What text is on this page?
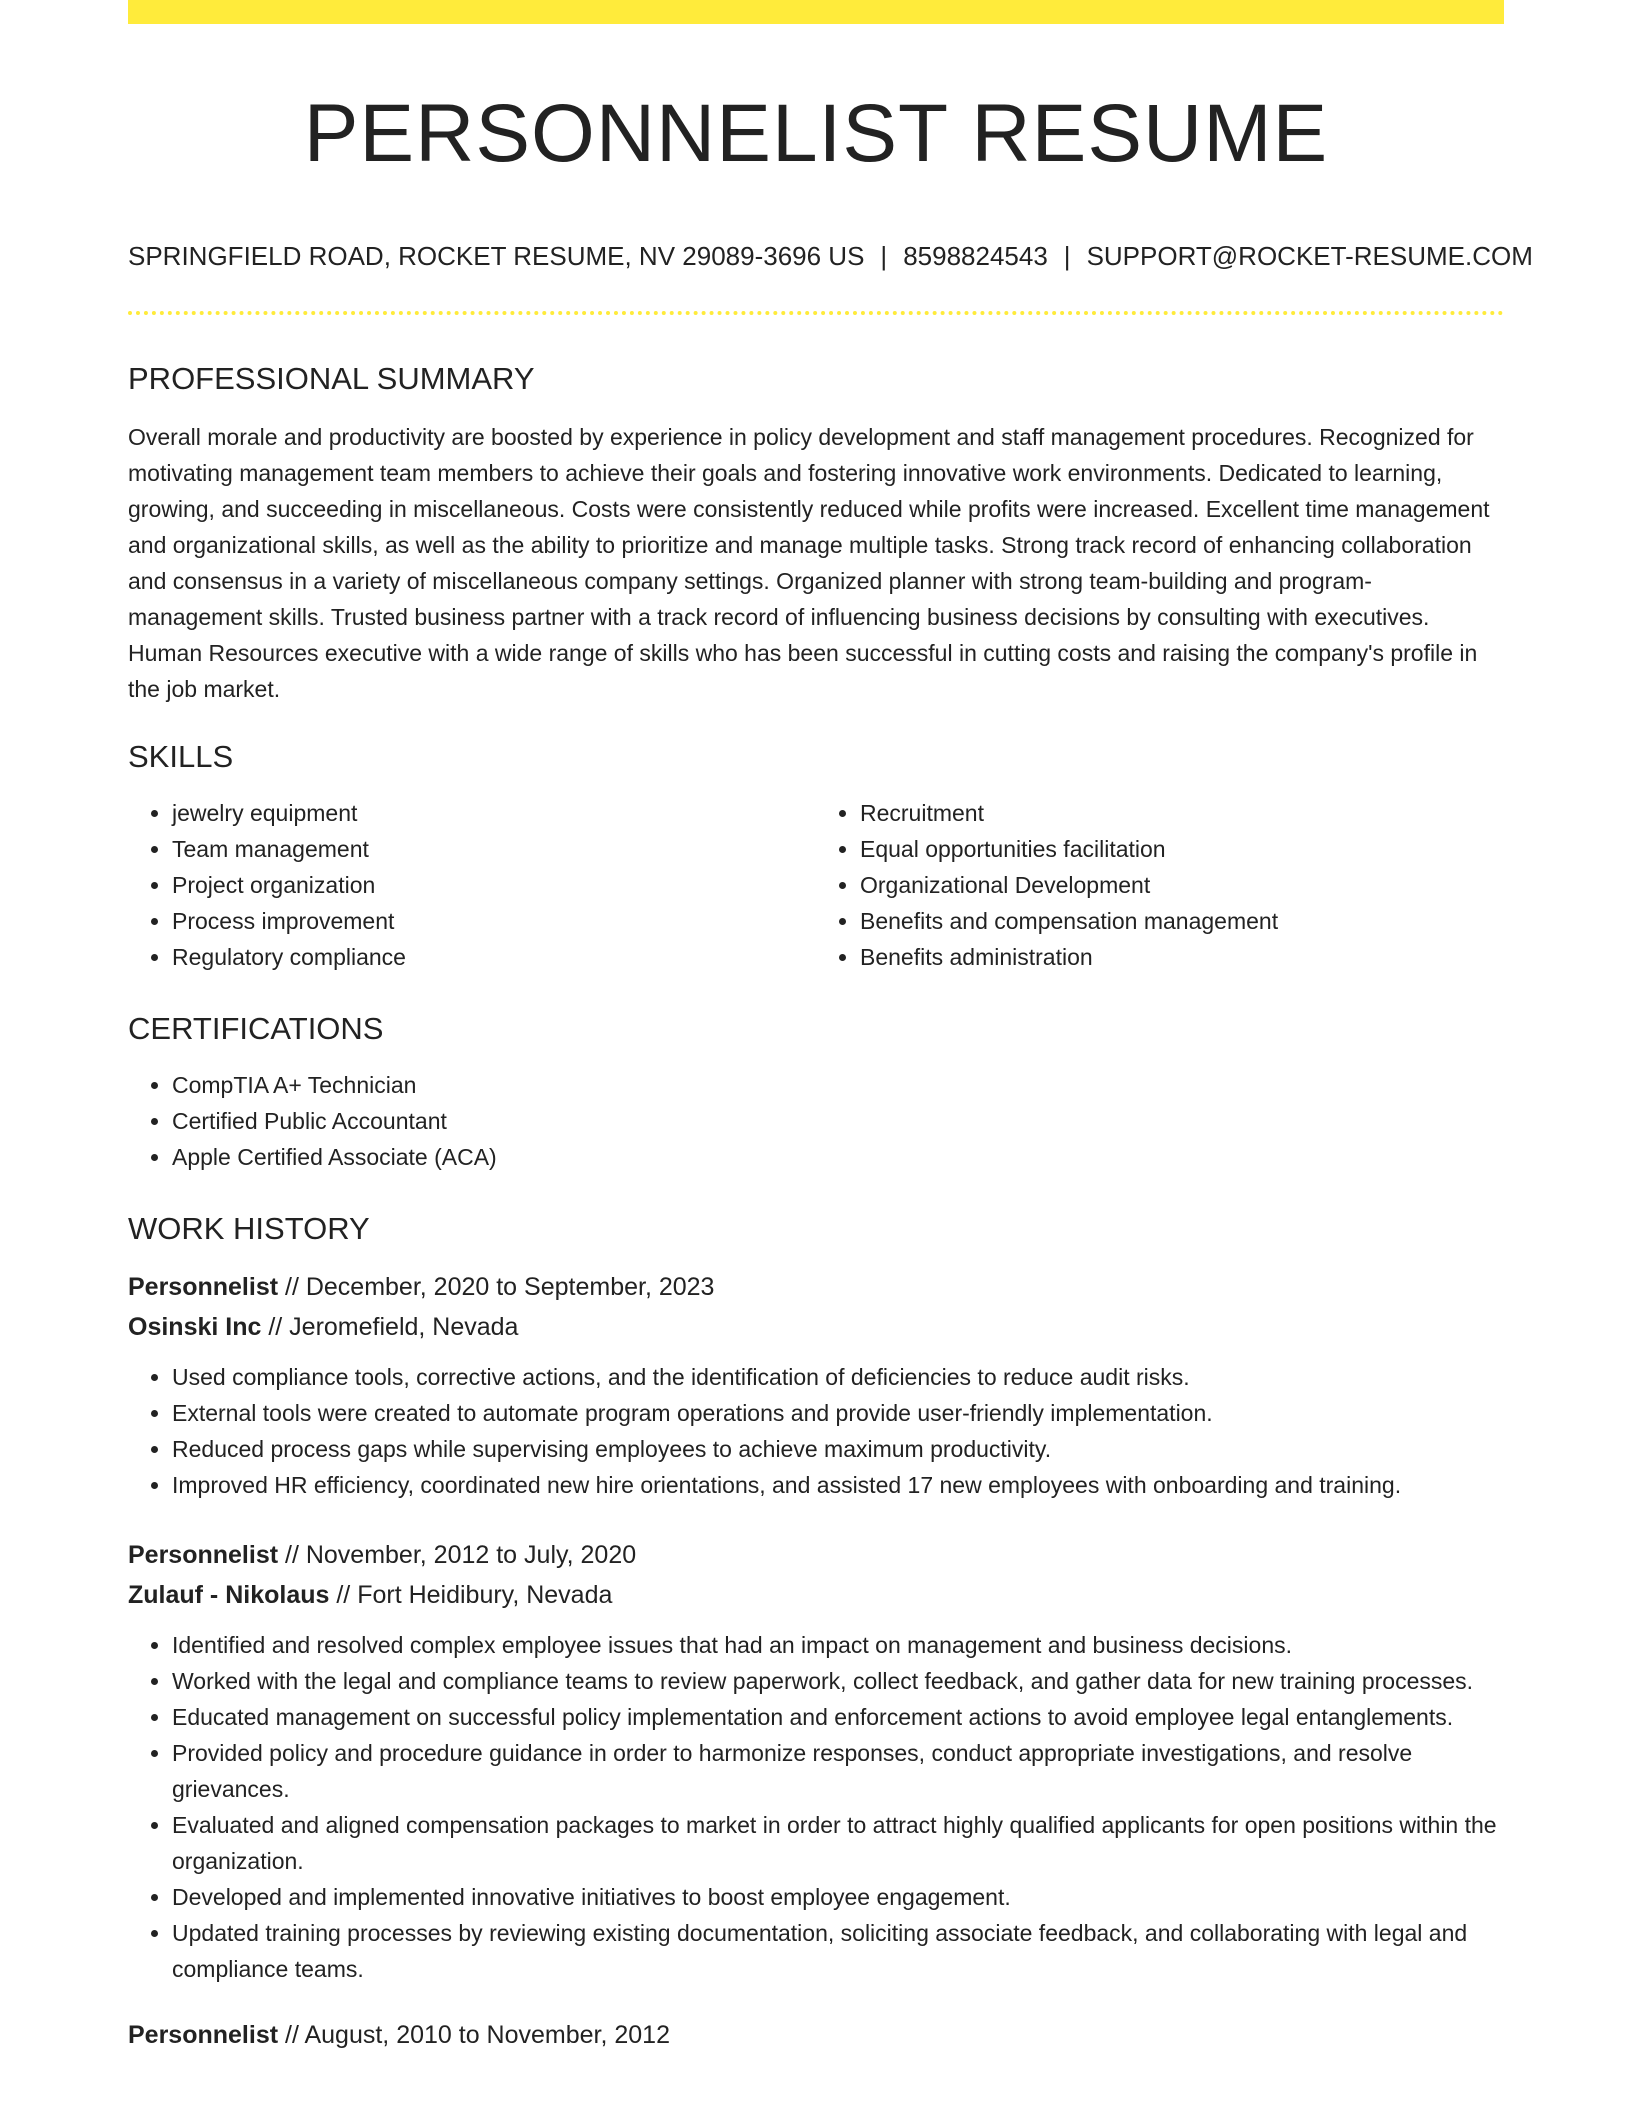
PERSONNELIST RESUME
SPRINGFIELD ROAD, ROCKET RESUME, NV 29089-3696 US | 8598824543 | SUPPORT@ROCKET-RESUME.COM
PROFESSIONAL SUMMARY
Overall morale and productivity are boosted by experience in policy development and staff management procedures. Recognized for motivating management team members to achieve their goals and fostering innovative work environments. Dedicated to learning, growing, and succeeding in miscellaneous. Costs were consistently reduced while profits were increased. Excellent time management and organizational skills, as well as the ability to prioritize and manage multiple tasks. Strong track record of enhancing collaboration and consensus in a variety of miscellaneous company settings. Organized planner with strong team-building and program-management skills. Trusted business partner with a track record of influencing business decisions by consulting with executives. Human Resources executive with a wide range of skills who has been successful in cutting costs and raising the company's profile in the job market.
SKILLS
• jewelry equipment
• Team management
• Project organization
• Process improvement
• Regulatory compliance
• Recruitment
• Equal opportunities facilitation
• Organizational Development
• Benefits and compensation management
• Benefits administration
CERTIFICATIONS
• CompTIA A+ Technician
• Certified Public Accountant
• Apple Certified Associate (ACA)
WORK HISTORY
Personnelist // December, 2020 to September, 2023
Osinski Inc // Jeromefield, Nevada
• Used compliance tools, corrective actions, and the identification of deficiencies to reduce audit risks.
• External tools were created to automate program operations and provide user-friendly implementation.
• Reduced process gaps while supervising employees to achieve maximum productivity.
• Improved HR efficiency, coordinated new hire orientations, and assisted 17 new employees with onboarding and training.
Personnelist // November, 2012 to July, 2020
Zulauf - Nikolaus // Fort Heidibury, Nevada
• Identified and resolved complex employee issues that had an impact on management and business decisions.
• Worked with the legal and compliance teams to review paperwork, collect feedback, and gather data for new training processes.
• Educated management on successful policy implementation and enforcement actions to avoid employee legal entanglements.
• Provided policy and procedure guidance in order to harmonize responses, conduct appropriate investigations, and resolve grievances.
• Evaluated and aligned compensation packages to market in order to attract highly qualified applicants for open positions within the organization.
• Developed and implemented innovative initiatives to boost employee engagement.
• Updated training processes by reviewing existing documentation, soliciting associate feedback, and collaborating with legal and compliance teams.
Personnelist // August, 2010 to November, 2012
